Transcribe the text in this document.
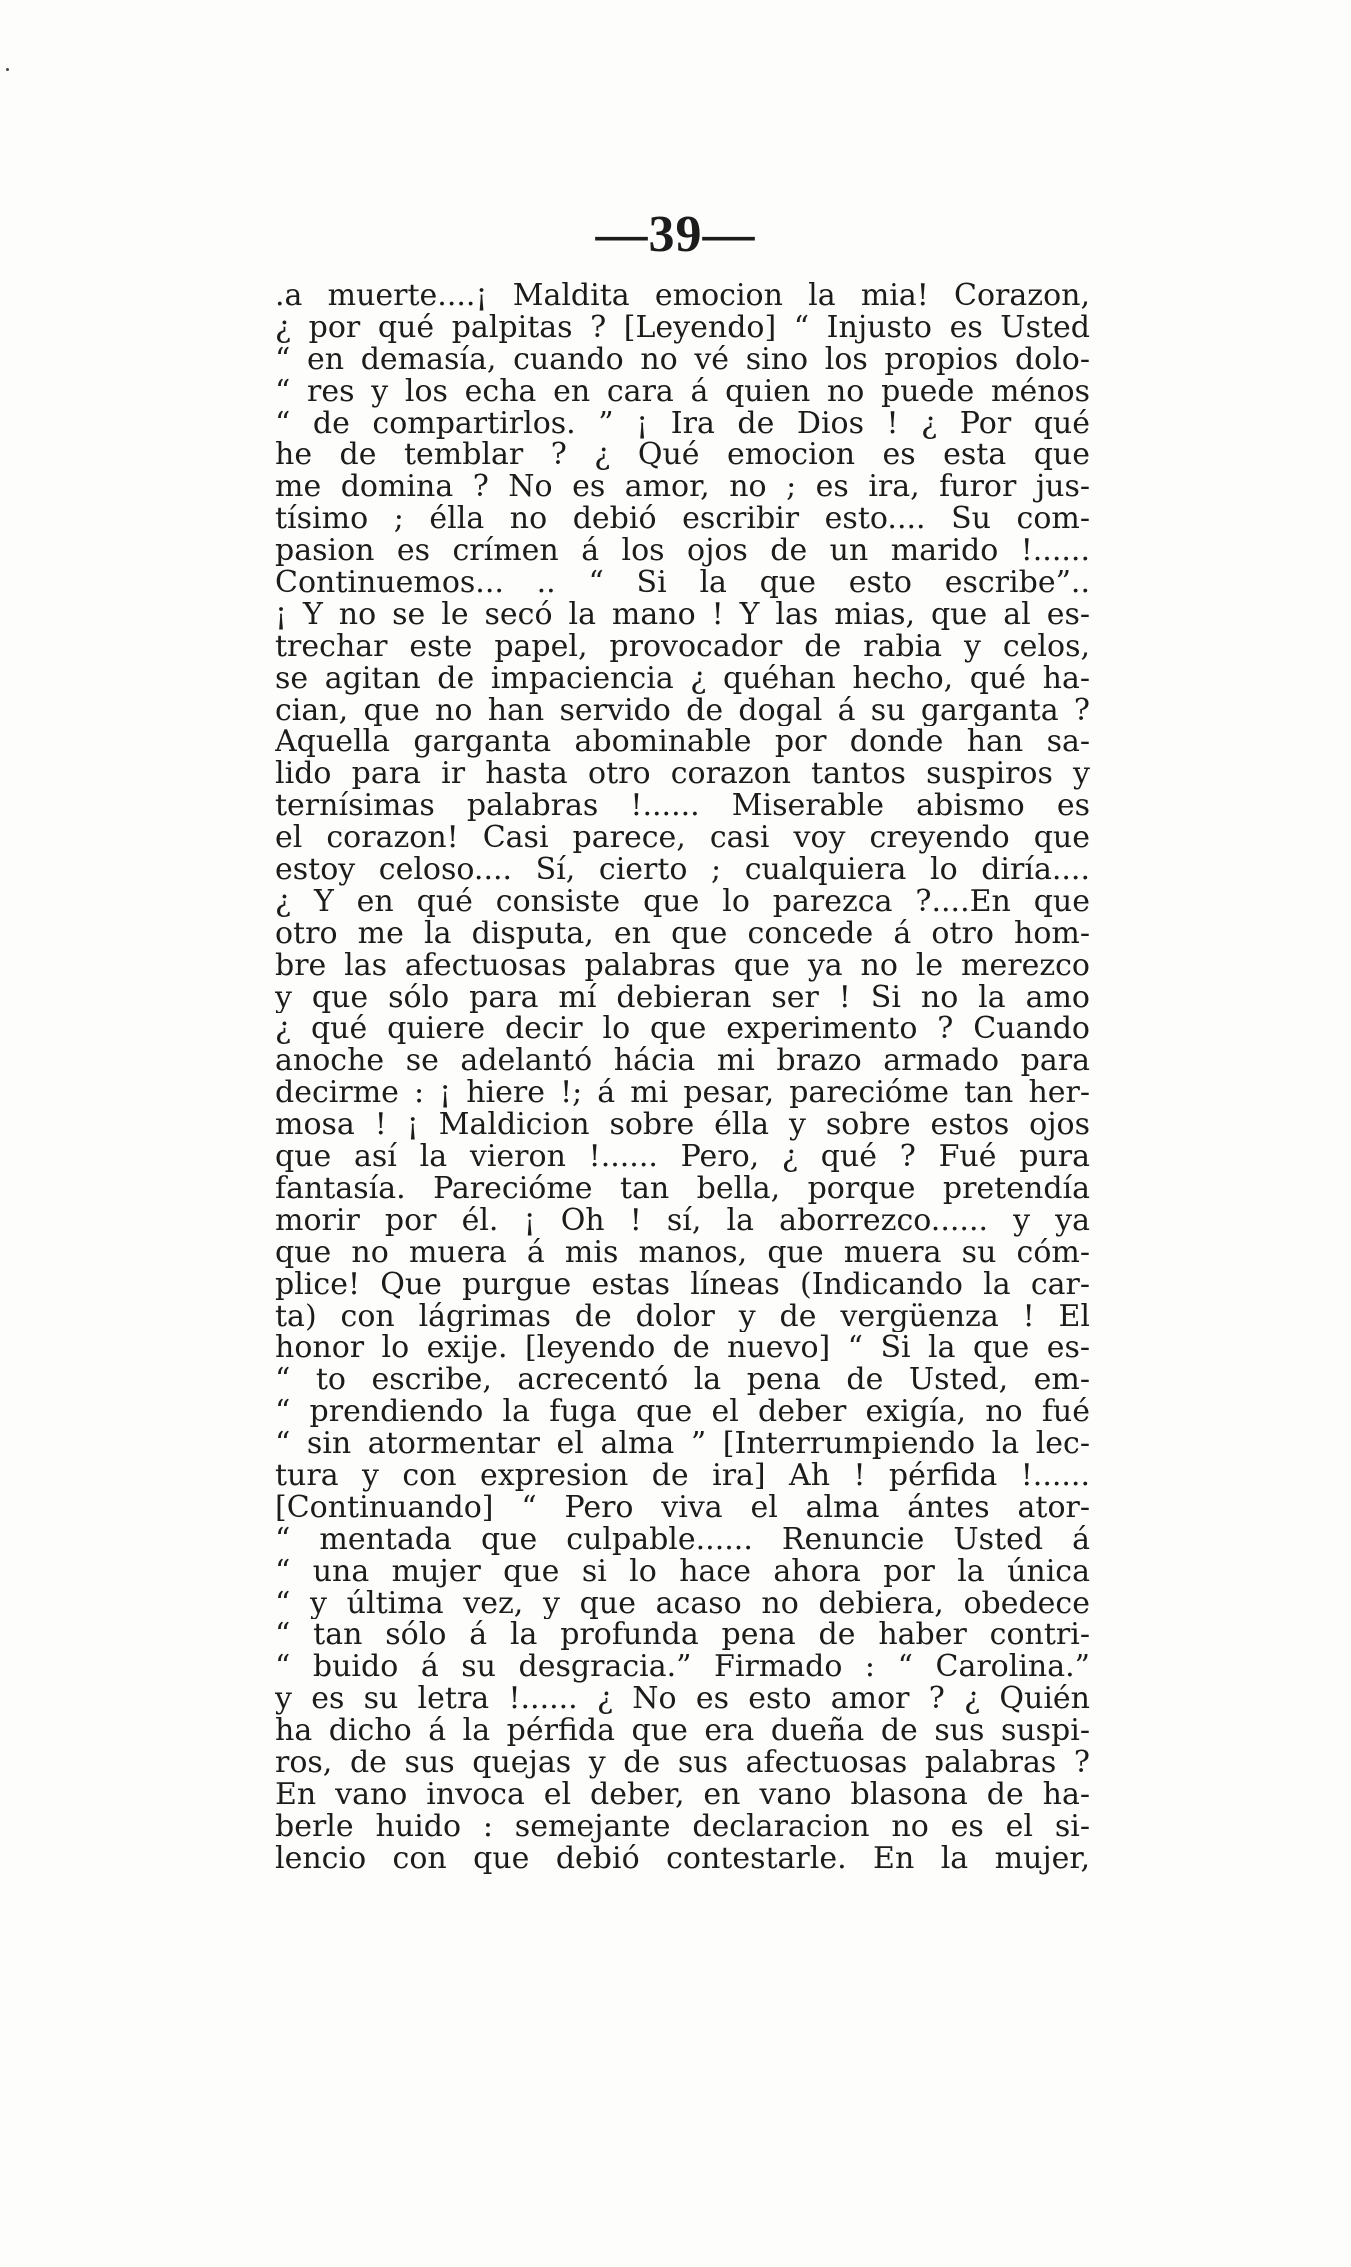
—39—
.a muerte....¡ Maldita emocion la mia! Corazon,
¿ por qué palpitas ? [Leyendo] “ Injusto es Usted
“ en demasía, cuando no vé sino los propios dolo-
“ res y los echa en cara á quien no puede ménos
“ de compartirlos. ” ¡ Ira de Dios ! ¿ Por qué
he de temblar ? ¿ Qué emocion es esta que
me domina ? No es amor, no ; es ira, furor jus-
tísimo ; élla no debió escribir esto.... Su com-
pasion es crímen á los ojos de un marido !......
Continuemos... .. “ Si la que esto escribe”..
¡ Y no se le secó la mano ! Y las mias, que al es-
trechar este papel, provocador de rabia y celos,
se agitan de impaciencia ¿ quéhan hecho, qué ha-
cian, que no han servido de dogal á su garganta ?
Aquella garganta abominable por donde han sa-
lido para ir hasta otro corazon tantos suspiros y
ternísimas palabras !...... Miserable abismo es
el corazon! Casi parece, casi voy creyendo que
estoy celoso.... Sí, cierto ; cualquiera lo diría....
¿ Y en qué consiste que lo parezca ?....En que
otro me la disputa, en que concede á otro hom-
bre las afectuosas palabras que ya no le merezco
y que sólo para mí debieran ser ! Si no la amo
¿ qué quiere decir lo que experimento ? Cuando
anoche se adelantó hácia mi brazo armado para
decirme : ¡ hiere !; á mi pesar, parecióme tan her-
mosa ! ¡ Maldicion sobre élla y sobre estos ojos
que así la vieron !...... Pero, ¿ qué ? Fué pura
fantasía. Parecióme tan bella, porque pretendía
morir por él. ¡ Oh ! sí, la aborrezco...... y ya
que no muera á mis manos, que muera su cóm-
plice! Que purgue estas líneas (Indicando la car-
ta) con lágrimas de dolor y de vergüenza ! El
honor lo exije. [leyendo de nuevo] “ Si la que es-
“ to escribe, acrecentó la pena de Usted, em-
“ prendiendo la fuga que el deber exigía, no fué
“ sin atormentar el alma ” [Interrumpiendo la lec-
tura y con expresion de ira] Ah ! pérfida !......
[Continuando] “ Pero viva el alma ántes ator-
“ mentada que culpable...... Renuncie Usted á
“ una mujer que si lo hace ahora por la única
“ y última vez, y que acaso no debiera, obedece
“ tan sólo á la profunda pena de haber contri-
“ buido á su desgracia.” Firmado : “ Carolina.”
y es su letra !...... ¿ No es esto amor ? ¿ Quién
ha dicho á la pérfida que era dueña de sus suspi-
ros, de sus quejas y de sus afectuosas palabras ?
En vano invoca el deber, en vano blasona de ha-
berle huido : semejante declaracion no es el si-
lencio con que debió contestarle. En la mujer,
